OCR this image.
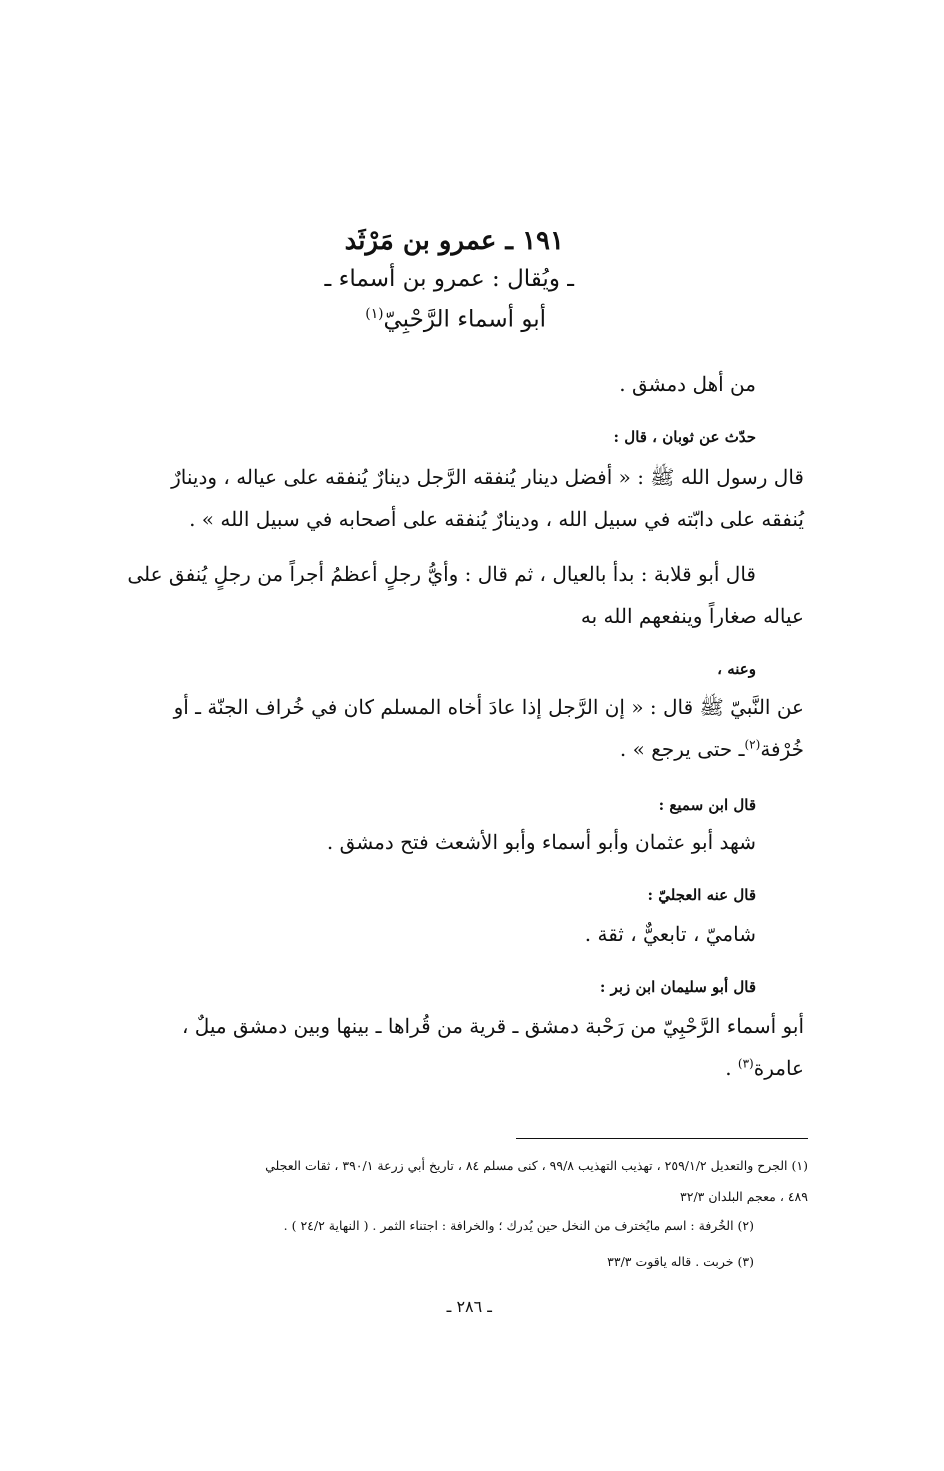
١٩١ ـ عمرو بن مَرْثَد
ـ ويُقال : عمرو بن أسماء ـ
أبو أسماء الرَّحْبِيّ$^{(١)}$
من أهل دمشق .
حدّث عن ثوبان ، قال :
قال رسول الله ﷺ : « أفضل دينار يُنفقه الرَّجل دينارٌ يُنفقه على عياله ، ودينارٌ
يُنفقه على دابّته في سبيل الله ، ودينارٌ يُنفقه على أصحابه في سبيل الله » .
قال أبو قلابة : بدأ بالعيال ، ثم قال : وأيُّ رجلٍ أعظمُ أجراً من رجلٍ يُنفق على
عياله صغاراً وينفعهم الله به
وعنه ،
عن النَّبيّ ﷺ قال : « إن الرَّجل إذا عادَ أخاه المسلم كان في خُراف الجنّة ـ أو
خُرْفة$^{(٢)}$ـ حتى يرجع » .
قال ابن سميع :
شهد أبو عثمان وأبو أسماء وأبو الأشعث فتح دمشق .
قال عنه العجليّ :
شاميّ ، تابعيٌّ ، ثقة .
قال أبو سليمان ابن زبر :
أبو أسماء الرَّحْبِيّ من رَحْبة دمشق ـ قرية من قُراها ـ بينها وبين دمشق ميلٌ ،
عامرة$^{(٣)}$ .
(١) الجرح والتعديل ٢٥٩/١/٢ ، تهذيب التهذيب ٩٩/٨ ، كنى مسلم ٨٤ ، تاريخ أبي زرعة ٣٩٠/١ ، ثقات العجلي
٤٨٩ ، معجم البلدان ٣٢/٣
(٢) الخُرفة : اسم مايُخترف من النخل حين يُدرك ؛ والخرافة : اجتناء الثمر . ( النهاية ٢٤/٢ ) .
(٣) خربت . قاله ياقوت ٣٣/٣
ـ ٢٨٦ ـ
